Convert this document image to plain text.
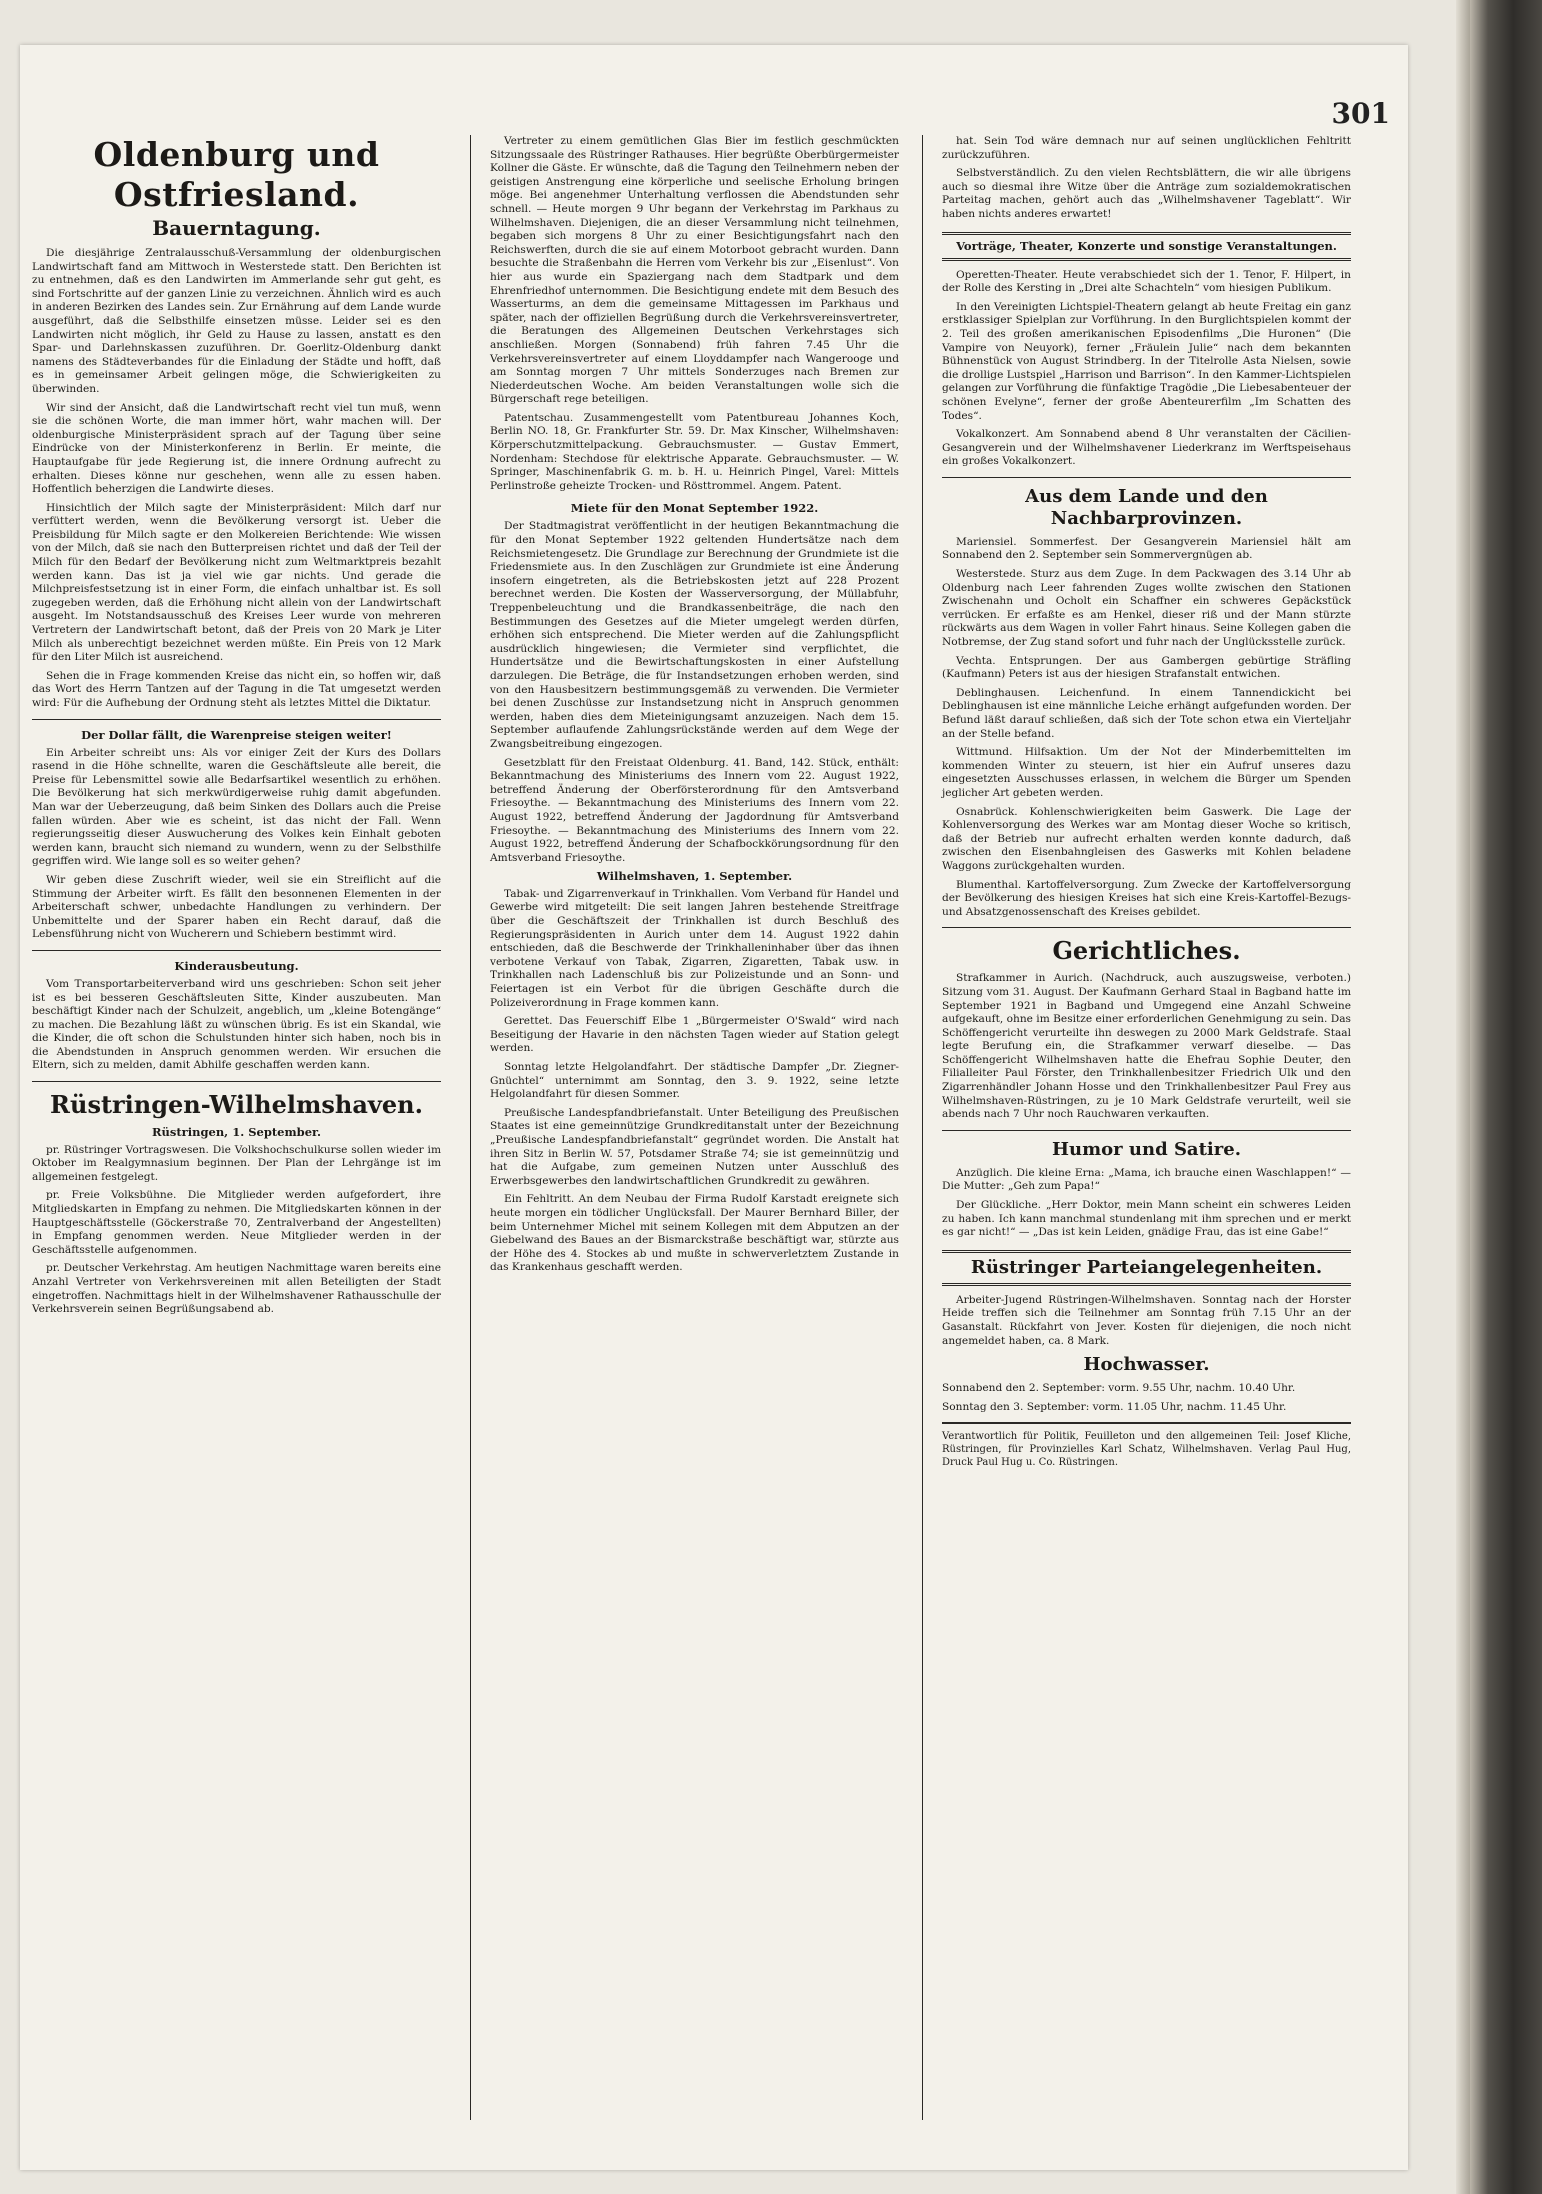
301
Oldenburg und Ostfriesland.
Bauerntagung.

Die diesjährige Zentralausschuß-Versammlung der oldenburgischen Landwirtschaft fand am Mittwoch in Westerstede statt. Den Berichten ist zu entnehmen, daß es den Landwirten im Ammerlande sehr gut geht, es sind Fortschritte auf der ganzen Linie zu verzeichnen. Ähnlich wird es auch in anderen Bezirken des Landes sein. Zur Ernährung auf dem Lande wurde ausgeführt, daß die Selbsthilfe einsetzen müsse. Leider sei es den Landwirten nicht möglich, ihr Geld zu Hause zu lassen, anstatt es den Spar- und Darlehnskassen zuzuführen. Dr. Goerlitz-Oldenburg dankt namens des Städteverbandes für die Einladung der Städte und hofft, daß es in gemeinsamer Arbeit gelingen möge, die Schwierigkeiten zu überwinden.

Wir sind der Ansicht, daß die Landwirtschaft recht viel tun muß, wenn sie die schönen Worte, die man immer hört, wahr machen will. Der oldenburgische Ministerpräsident sprach auf der Tagung über seine Eindrücke von der Ministerkonferenz in Berlin. Er meinte, die Hauptaufgabe für jede Regierung ist, die innere Ordnung aufrecht zu erhalten. Dieses könne nur geschehen, wenn alle zu essen haben. Hoffentlich beherzigen die Landwirte dieses.

Hinsichtlich der Milch sagte der Ministerpräsident: Milch darf nur verfüttert werden, wenn die Bevölkerung versorgt ist. Ueber die Preisbildung für Milch sagte er den Molkereien Berichtende: Wie wissen von der Milch, daß sie nach den Butterpreisen richtet und daß der Teil der Milch für den Bedarf der Bevölkerung nicht zum Weltmarktpreis bezahlt werden kann. Das ist ja viel wie gar nichts. Und gerade die Milchpreisfestsetzung ist in einer Form, die einfach unhaltbar ist. Es soll zugegeben werden, daß die Erhöhung nicht allein von der Landwirtschaft ausgeht. Im Notstandsausschuß des Kreises Leer wurde von mehreren Vertretern der Landwirtschaft betont, daß der Preis von 20 Mark je Liter Milch als unberechtigt bezeichnet werden müßte. Ein Preis von 12 Mark für den Liter Milch ist ausreichend.

Sehen die in Frage kommenden Kreise das nicht ein, so hoffen wir, daß das Wort des Herrn Tantzen auf der Tagung in die Tat umgesetzt werden wird: Für die Aufhebung der Ordnung steht als letztes Mittel die Diktatur.

Der Dollar fällt, die Warenpreise steigen weiter!

Ein Arbeiter schreibt uns: Als vor einiger Zeit der Kurs des Dollars rasend in die Höhe schnellte, waren die Geschäftsleute alle bereit, die Preise für Lebensmittel sowie alle Bedarfsartikel wesentlich zu erhöhen. Die Bevölkerung hat sich merkwürdigerweise ruhig damit abgefunden. Man war der Ueberzeugung, daß beim Sinken des Dollars auch die Preise fallen würden. Aber wie es scheint, ist das nicht der Fall. Wenn regierungsseitig dieser Auswucherung des Volkes kein Einhalt geboten werden kann, braucht sich niemand zu wundern, wenn zu der Selbsthilfe gegriffen wird. Wie lange soll es so weiter gehen?

Wir geben diese Zuschrift wieder, weil sie ein Streiflicht auf die Stimmung der Arbeiter wirft. Es fällt den besonnenen Elementen in der Arbeiterschaft schwer, unbedachte Handlungen zu verhindern. Der Unbemittelte und der Sparer haben ein Recht darauf, daß die Lebensführung nicht von Wucherern und Schiebern bestimmt wird.

Kinderausbeutung.

Vom Transportarbeiterverband wird uns geschrieben: Schon seit jeher ist es bei besseren Geschäftsleuten Sitte, Kinder auszubeuten. Man beschäftigt Kinder nach der Schulzeit, angeblich, um „kleine Botengänge“ zu machen. Die Bezahlung läßt zu wünschen übrig. Es ist ein Skandal, wie die Kinder, die oft schon die Schulstunden hinter sich haben, noch bis in die Abendstunden in Anspruch genommen werden. Wir ersuchen die Eltern, sich zu melden, damit Abhilfe geschaffen werden kann.

Rüstringen-Wilhelmshaven.
Rüstringen, 1. September.

pr. Rüstringer Vortragswesen. Die Volkshochschulkurse sollen wieder im Oktober im Realgymnasium beginnen. Der Plan der Lehrgänge ist im allgemeinen festgelegt.

pr. Freie Volksbühne. Die Mitglieder werden aufgefordert, ihre Mitgliedskarten in Empfang zu nehmen. Die Mitgliedskarten können in der Hauptgeschäftsstelle (Göckerstraße 70, Zentralverband der Angestellten) in Empfang genommen werden. Neue Mitglieder werden in der Geschäftsstelle aufgenommen.

pr. Deutscher Verkehrstag. Am heutigen Nachmittage waren bereits eine Anzahl Vertreter von Verkehrsvereinen mit allen Beteiligten der Stadt eingetroffen. Nachmittags hielt in der Wilhelmshavener Rathausschulle der Verkehrsverein seinen Begrüßungsabend ab.

Vertreter zu einem gemütlichen Glas Bier im festlich geschmückten Sitzungssaale des Rüstringer Rathauses. Hier begrüßte Oberbürgermeister Kollner die Gäste. Er wünschte, daß die Tagung den Teilnehmern neben der geistigen Anstrengung eine körperliche und seelische Erholung bringen möge. Bei angenehmer Unterhaltung verflossen die Abendstunden sehr schnell. — Heute morgen 9 Uhr begann der Verkehrstag im Parkhaus zu Wilhelmshaven. Diejenigen, die an dieser Versammlung nicht teilnehmen, begaben sich morgens 8 Uhr zu einer Besichtigungsfahrt nach den Reichswerften, durch die sie auf einem Motorboot gebracht wurden. Dann besuchte die Straßenbahn die Herren vom Verkehr bis zur „Eisenlust“. Von hier aus wurde ein Spaziergang nach dem Stadtpark und dem Ehrenfriedhof unternommen. Die Besichtigung endete mit dem Besuch des Wasserturms, an dem die gemeinsame Mittagessen im Parkhaus und später, nach der offiziellen Begrüßung durch die Verkehrsvereinsvertreter, die Beratungen des Allgemeinen Deutschen Verkehrstages sich anschließen. Morgen (Sonnabend) früh fahren 7.45 Uhr die Verkehrsvereinsvertreter auf einem Lloyddampfer nach Wangerooge und am Sonntag morgen 7 Uhr mittels Sonderzuges nach Bremen zur Niederdeutschen Woche. Am beiden Veranstaltungen wolle sich die Bürgerschaft rege beteiligen.

Patentschau. Zusammengestellt vom Patentbureau Johannes Koch, Berlin NO. 18, Gr. Frankfurter Str. 59. Dr. Max Kinscher, Wilhelmshaven: Körperschutzmittelpackung. Gebrauchsmuster. — Gustav Emmert, Nordenham: Stechdose für elektrische Apparate. Gebrauchsmuster. — W. Springer, Maschinenfabrik G. m. b. H. u. Heinrich Pingel, Varel: Mittels Perlinstroße geheizte Trocken- und Rösttrommel. Angem. Patent.

Miete für den Monat September 1922.

Der Stadtmagistrat veröffentlicht in der heutigen Bekanntmachung die für den Monat September 1922 geltenden Hundertsätze nach dem Reichsmietengesetz. Die Grundlage zur Berechnung der Grundmiete ist die Friedensmiete aus. In den Zuschlägen zur Grundmiete ist eine Änderung insofern eingetreten, als die Betriebskosten jetzt auf 228 Prozent berechnet werden. Die Kosten der Wasserversorgung, der Müllabfuhr, Treppenbeleuchtung und die Brandkassenbeiträge, die nach den Bestimmungen des Gesetzes auf die Mieter umgelegt werden dürfen, erhöhen sich entsprechend. Die Mieter werden auf die Zahlungspflicht ausdrücklich hingewiesen; die Vermieter sind verpflichtet, die Hundertsätze und die Bewirtschaftungskosten in einer Aufstellung darzulegen. Die Beträge, die für Instandsetzungen erhoben werden, sind von den Hausbesitzern bestimmungsgemäß zu verwenden. Die Vermieter bei denen Zuschüsse zur Instandsetzung nicht in Anspruch genommen werden, haben dies dem Mieteinigungsamt anzuzeigen. Nach dem 15. September auflaufende Zahlungsrückstände werden auf dem Wege der Zwangsbeitreibung eingezogen.

Gesetzblatt für den Freistaat Oldenburg. 41. Band, 142. Stück, enthält: Bekanntmachung des Ministeriums des Innern vom 22. August 1922, betreffend Änderung der Oberförsterordnung für den Amtsverband Friesoythe. — Bekanntmachung des Ministeriums des Innern vom 22. August 1922, betreffend Änderung der Jagdordnung für Amtsverband Friesoythe. — Bekanntmachung des Ministeriums des Innern vom 22. August 1922, betreffend Änderung der Schafbockkörungsordnung für den Amtsverband Friesoythe.

Wilhelmshaven, 1. September.

Tabak- und Zigarrenverkauf in Trinkhallen. Vom Verband für Handel und Gewerbe wird mitgeteilt: Die seit langen Jahren bestehende Streitfrage über die Geschäftszeit der Trinkhallen ist durch Beschluß des Regierungspräsidenten in Aurich unter dem 14. August 1922 dahin entschieden, daß die Beschwerde der Trinkhalleninhaber über das ihnen verbotene Verkauf von Tabak, Zigarren, Zigaretten, Tabak usw. in Trinkhallen nach Ladenschluß bis zur Polizeistunde und an Sonn- und Feiertagen ist ein Verbot für die übrigen Geschäfte durch die Polizeiverordnung in Frage kommen kann.

Gerettet. Das Feuerschiff Elbe 1 „Bürgermeister O'Swald“ wird nach Beseitigung der Havarie in den nächsten Tagen wieder auf Station gelegt werden.

Sonntag letzte Helgolandfahrt. Der städtische Dampfer „Dr. Ziegner-Gnüchtel“ unternimmt am Sonntag, den 3. 9. 1922, seine letzte Helgolandfahrt für diesen Sommer.

Preußische Landespfandbriefanstalt. Unter Beteiligung des Preußischen Staates ist eine gemeinnützige Grundkreditanstalt unter der Bezeichnung „Preußische Landespfandbriefanstalt“ gegründet worden. Die Anstalt hat ihren Sitz in Berlin W. 57, Potsdamer Straße 74; sie ist gemeinnützig und hat die Aufgabe, zum gemeinen Nutzen unter Ausschluß des Erwerbsgewerbes den landwirtschaftlichen Grundkredit zu gewähren.

Ein Fehltritt. An dem Neubau der Firma Rudolf Karstadt ereignete sich heute morgen ein tödlicher Unglücksfall. Der Maurer Bernhard Biller, der beim Unternehmer Michel mit seinem Kollegen mit dem Abputzen an der Giebelwand des Baues an der Bismarckstraße beschäftigt war, stürzte aus der Höhe des 4. Stockes ab und mußte in schwerverletztem Zustande in das Krankenhaus geschafft werden.

hat. Sein Tod wäre demnach nur auf seinen unglücklichen Fehltritt zurückzuführen.

Selbstverständlich. Zu den vielen Rechtsblättern, die wir alle übrigens auch so diesmal ihre Witze über die Anträge zum sozialdemokratischen Parteitag machen, gehört auch das „Wilhelmshavener Tageblatt“. Wir haben nichts anderes erwartet!

Vorträge, Theater, Konzerte und sonstige Veranstaltungen.

Operetten-Theater. Heute verabschiedet sich der 1. Tenor, F. Hilpert, in der Rolle des Kersting in „Drei alte Schachteln“ vom hiesigen Publikum.

In den Vereinigten Lichtspiel-Theatern gelangt ab heute Freitag ein ganz erstklassiger Spielplan zur Vorführung. In den Burglichtspielen kommt der 2. Teil des großen amerikanischen Episodenfilms „Die Huronen“ (Die Vampire von Neuyork), ferner „Fräulein Julie“ nach dem bekannten Bühnenstück von August Strindberg. In der Titelrolle Asta Nielsen, sowie die drollige Lustspiel „Harrison und Barrison“. In den Kammer-Lichtspielen gelangen zur Vorführung die fünfaktige Tragödie „Die Liebesabenteuer der schönen Evelyne“, ferner der große Abenteurerfilm „Im Schatten des Todes“.

Vokalkonzert. Am Sonnabend abend 8 Uhr veranstalten der Cäcilien-Gesangverein und der Wilhelmshavener Liederkranz im Werftspeisehaus ein großes Vokalkonzert.

Aus dem Lande und den Nachbarprovinzen.

Mariensiel. Sommerfest. Der Gesangverein Mariensiel hält am Sonnabend den 2. September sein Sommervergnügen ab.

Westerstede. Sturz aus dem Zuge. In dem Packwagen des 3.14 Uhr ab Oldenburg nach Leer fahrenden Zuges wollte zwischen den Stationen Zwischenahn und Ocholt ein Schaffner ein schweres Gepäckstück verrücken. Er erfaßte es am Henkel, dieser riß und der Mann stürzte rückwärts aus dem Wagen in voller Fahrt hinaus. Seine Kollegen gaben die Notbremse, der Zug stand sofort und fuhr nach der Unglücksstelle zurück.

Vechta. Entsprungen. Der aus Gambergen gebürtige Sträfling (Kaufmann) Peters ist aus der hiesigen Strafanstalt entwichen.

Deblinghausen. Leichenfund. In einem Tannendickicht bei Deblinghausen ist eine männliche Leiche erhängt aufgefunden worden. Der Befund läßt darauf schließen, daß sich der Tote schon etwa ein Vierteljahr an der Stelle befand.

Wittmund. Hilfsaktion. Um der Not der Minderbemittelten im kommenden Winter zu steuern, ist hier ein Aufruf unseres dazu eingesetzten Ausschusses erlassen, in welchem die Bürger um Spenden jeglicher Art gebeten werden.

Osnabrück. Kohlenschwierigkeiten beim Gaswerk. Die Lage der Kohlenversorgung des Werkes war am Montag dieser Woche so kritisch, daß der Betrieb nur aufrecht erhalten werden konnte dadurch, daß zwischen den Eisenbahngleisen des Gaswerks mit Kohlen beladene Waggons zurückgehalten wurden.

Blumenthal. Kartoffelversorgung. Zum Zwecke der Kartoffelversorgung der Bevölkerung des hiesigen Kreises hat sich eine Kreis-Kartoffel-Bezugs- und Absatzgenossenschaft des Kreises gebildet.

Gerichtliches.

Strafkammer in Aurich. (Nachdruck, auch auszugsweise, verboten.) Sitzung vom 31. August. Der Kaufmann Gerhard Staal in Bagband hatte im September 1921 in Bagband und Umgegend eine Anzahl Schweine aufgekauft, ohne im Besitze einer erforderlichen Genehmigung zu sein. Das Schöffengericht verurteilte ihn deswegen zu 2000 Mark Geldstrafe. Staal legte Berufung ein, die Strafkammer verwarf dieselbe. — Das Schöffengericht Wilhelmshaven hatte die Ehefrau Sophie Deuter, den Filialleiter Paul Förster, den Trinkhallenbesitzer Friedrich Ulk und den Zigarrenhändler Johann Hosse und den Trinkhallenbesitzer Paul Frey aus Wilhelmshaven-Rüstringen, zu je 10 Mark Geldstrafe verurteilt, weil sie abends nach 7 Uhr noch Rauchwaren verkauften.

Humor und Satire.

Anzüglich. Die kleine Erna: „Mama, ich brauche einen Waschlappen!“ — Die Mutter: „Geh zum Papa!“

Der Glückliche. „Herr Doktor, mein Mann scheint ein schweres Leiden zu haben. Ich kann manchmal stundenlang mit ihm sprechen und er merkt es gar nicht!“ — „Das ist kein Leiden, gnädige Frau, das ist eine Gabe!“

Rüstringer Parteiangelegenheiten.

Arbeiter-Jugend Rüstringen-Wilhelmshaven. Sonntag nach der Horster Heide treffen sich die Teilnehmer am Sonntag früh 7.15 Uhr an der Gasanstalt. Rückfahrt von Jever. Kosten für diejenigen, die noch nicht angemeldet haben, ca. 8 Mark.

Hochwasser.

Sonnabend den 2. September: vorm. 9.55 Uhr, nachm. 10.40 Uhr.

Sonntag den 3. September: vorm. 11.05 Uhr, nachm. 11.45 Uhr.

Verantwortlich für Politik, Feuilleton und den allgemeinen Teil: Josef Kliche, Rüstringen, für Provinzielles Karl Schatz, Wilhelmshaven. Verlag Paul Hug, Druck Paul Hug u. Co. Rüstringen.
